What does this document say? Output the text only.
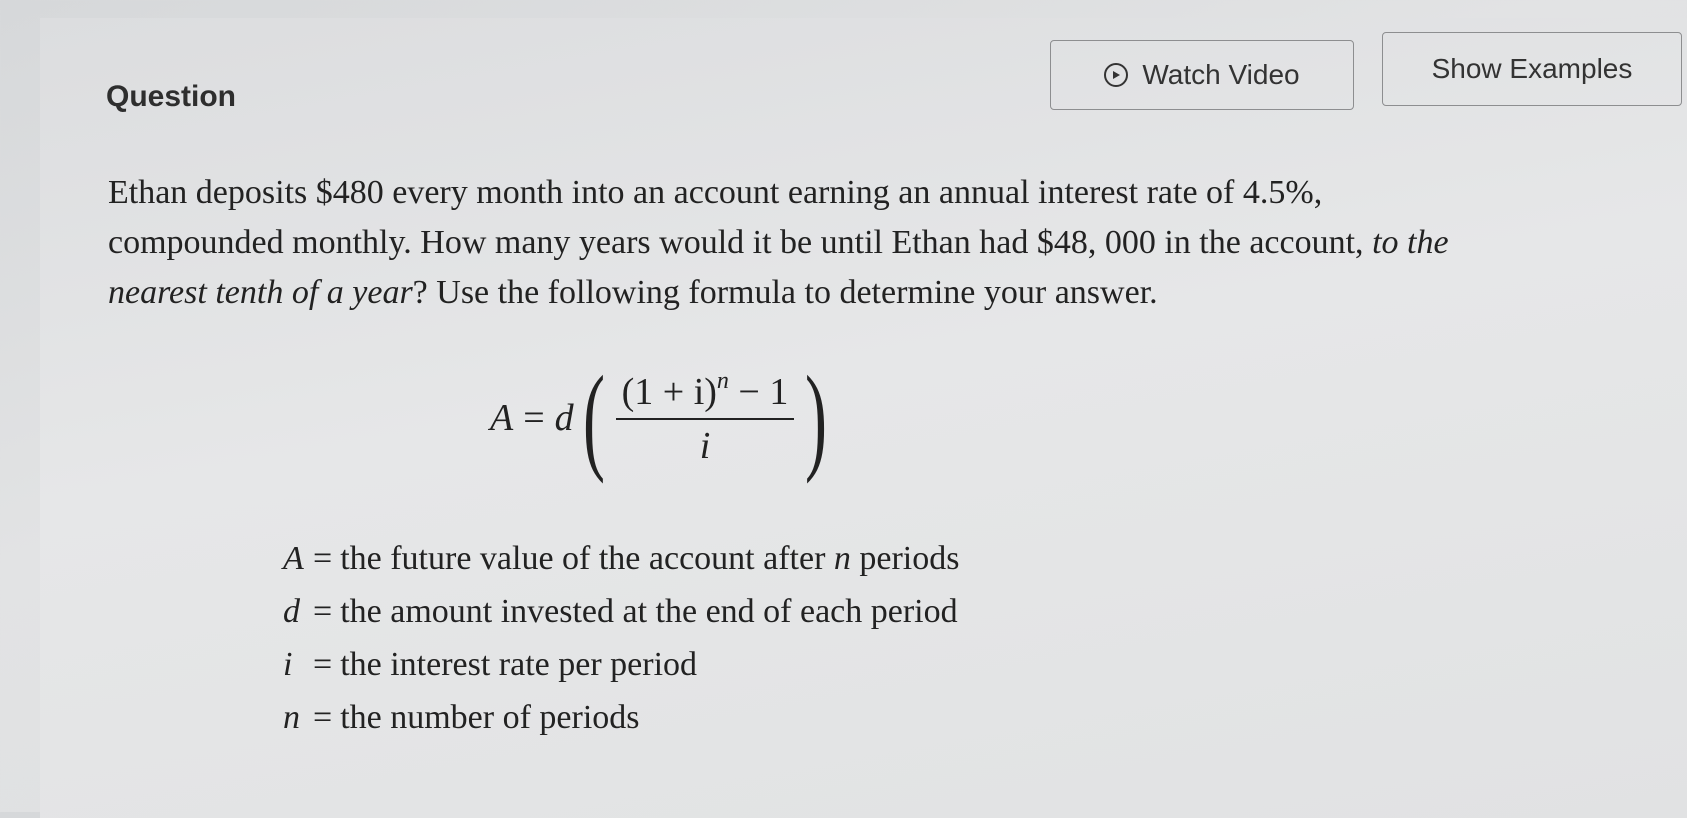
Question
Watch Video	Show Examples
Ethan deposits $480 every month into an account earning an annual interest rate of 4.5%,
compounded monthly. How many years would it be until Ethan had $48, 000 in the account, to the
nearest tenth of a year? Use the following formula to determine your answer.
A = d ( $\frac{(1 + i)^n - 1}{i}$ )
A = the future value of the account after n periods
d = the amount invested at the end of each period
i = the interest rate per period
n = the number of periods
